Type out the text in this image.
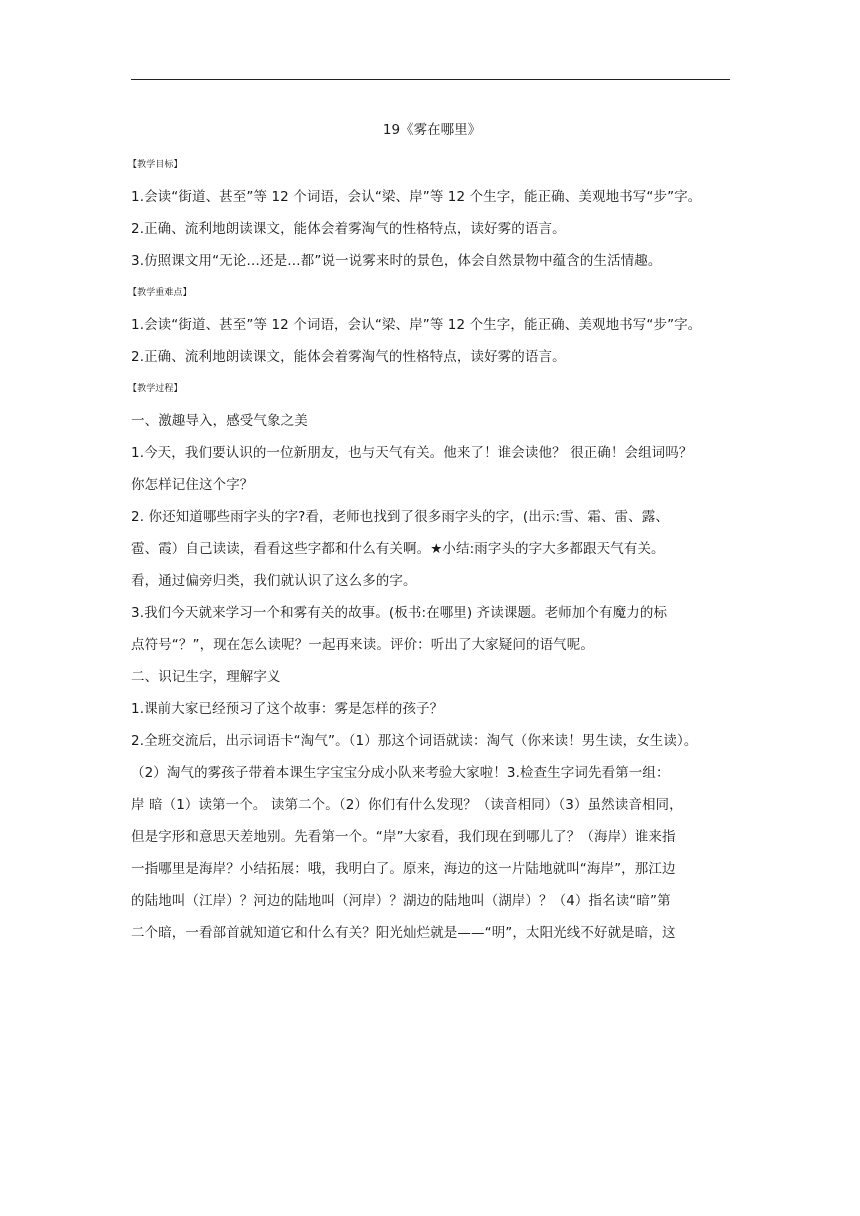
19《雾在哪里》

【教学目标】

1.会读“街道、甚至”等 12 个词语，会认“梁、岸”等 12 个生字，能正确、美观地书写“步”字。

2.正确、流利地朗读课文，能体会着雾淘气的性格特点，读好雾的语言。

3.仿照课文用“无论…还是…都”说一说雾来时的景色，体会自然景物中蕴含的生活情趣。

【教学重难点】

1.会读“街道、甚至”等 12 个词语，会认“梁、岸”等 12 个生字，能正确、美观地书写“步”字。

2.正确、流利地朗读课文，能体会着雾淘气的性格特点，读好雾的语言。

【教学过程】

一、激趣导入，感受气象之美

1.今天，我们要认识的一位新朋友，也与天气有关。他来了！谁会读他？ 很正确！会组词吗？

你怎样记住这个字？

2. 你还知道哪些雨字头的字?看，老师也找到了很多雨字头的字，(出示:雪、霜、雷、露、

雹、霞）自己读读，看看这些字都和什么有关啊。★小结:雨字头的字大多都跟天气有关。

看，通过偏旁归类，我们就认识了这么多的字。

3.我们今天就来学习一个和雾有关的故事。(板书:在哪里) 齐读课题。老师加个有魔力的标

点符号“？”，现在怎么读呢？一起再来读。评价：听出了大家疑问的语气呢。

二、识记生字，理解字义

1.课前大家已经预习了这个故事：雾是怎样的孩子？

2.全班交流后，出示词语卡“淘气”。（1）那这个词语就读：淘气（你来读！男生读，女生读）。

（2）淘气的雾孩子带着本课生字宝宝分成小队来考验大家啦！3.检查生字词先看第一组：

岸 暗（1）读第一个。 读第二个。（2）你们有什么发现？（读音相同）（3）虽然读音相同，

但是字形和意思天差地别。先看第一个。“岸”大家看，我们现在到哪儿了？（海岸）谁来指

一指哪里是海岸？小结拓展：哦，我明白了。原来，海边的这一片陆地就叫“海岸”，那江边

的陆地叫（江岸）？河边的陆地叫（河岸）？湖边的陆地叫（湖岸）？（4）指名读“暗”第

二个暗，一看部首就知道它和什么有关？阳光灿烂就是——“明”，太阳光线不好就是暗，这
